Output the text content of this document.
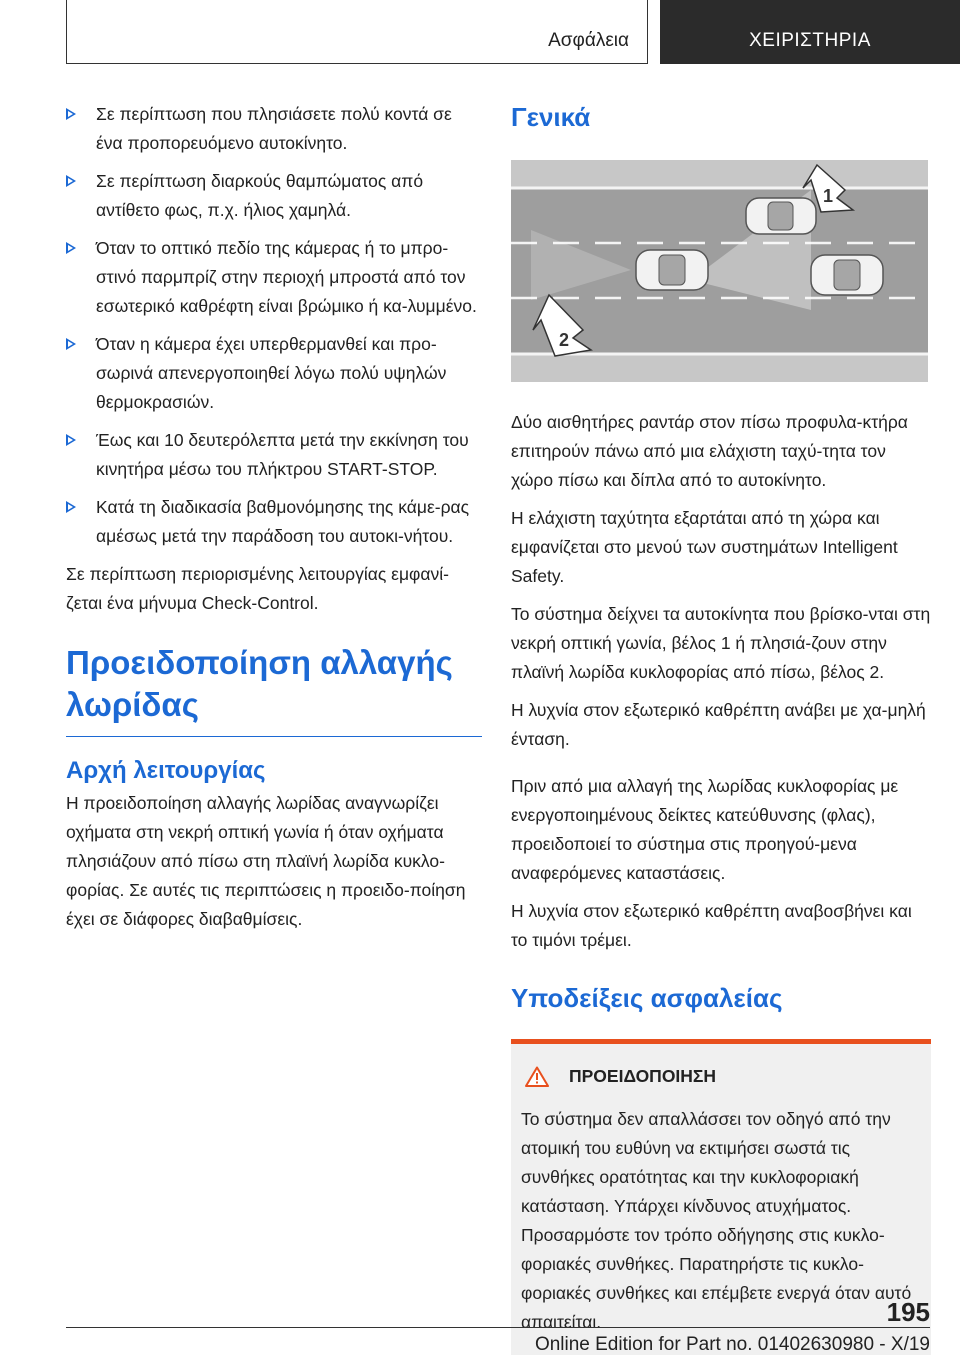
Ασφάλεια	ΧΕΙΡΙΣΤΗΡΙΑ
Σε περίπτωση που πλησιάσετε πολύ κοντά σε ένα προπορευόμενο αυτοκίνητο.
Σε περίπτωση διαρκούς θαμπώματος από αντίθετο φως, π.χ. ήλιος χαμηλά.
Όταν το οπτικό πεδίο της κάμερας ή το μπρο-στινό παρμπρίζ στην περιοχή μπροστά από τον εσωτερικό καθρέφτη είναι βρώμικο ή κα-λυμμένο.
Όταν η κάμερα έχει υπερθερμανθεί και προ-σωρινά απενεργοποιηθεί λόγω πολύ υψηλών θερμοκρασιών.
Έως και 10 δευτερόλεπτα μετά την εκκίνηση του κινητήρα μέσω του πλήκτρου START-STOP.
Κατά τη διαδικασία βαθμονόμησης της κάμε-ρας αμέσως μετά την παράδοση του αυτοκι-νήτου.

Σε περίπτωση περιορισμένης λειτουργίας εμφανί-ζεται ένα μήνυμα Check-Control.

Προειδοποίηση αλλαγής λωρίδας
Αρχή λειτουργίας

Η προειδοποίηση αλλαγής λωρίδας αναγνωρίζει οχήματα στη νεκρή οπτική γωνία ή όταν οχήματα πλησιάζουν από πίσω στη πλαϊνή λωρίδα κυκλο-φορίας. Σε αυτές τις περιπτώσεις η προειδο-ποίηση έχει σε διάφορες διαβαθμίσεις.

Γενικά
1
2

Δύο αισθητήρες ραντάρ στον πίσω προφυλα-κτήρα επιτηρούν πάνω από μια ελάχιστη ταχύ-τητα τον χώρο πίσω και δίπλα από το αυτοκίνητο.

Η ελάχιστη ταχύτητα εξαρτάται από τη χώρα και εμφανίζεται στο μενού των συστημάτων Intelligent Safety.

Το σύστημα δείχνει τα αυτοκίνητα που βρίσκο-νται στη νεκρή οπτική γωνία, βέλος 1 ή πλησιά-ζουν στην πλαϊνή λωρίδα κυκλοφορίας από πίσω, βέλος 2.

Η λυχνία στον εξωτερικό καθρέπτη ανάβει με χα-μηλή ένταση.

Πριν από μια αλλαγή της λωρίδας κυκλοφορίας με ενεργοποιημένους δείκτες κατεύθυνσης (φλας), προειδοποιεί το σύστημα στις προηγού-μενα αναφερόμενες καταστάσεις.

Η λυχνία στον εξωτερικό καθρέπτη αναβοσβήνει και το τιμόνι τρέμει.

Υποδείξεις ασφαλείας
ΠΡΟΕΙΔΟΠΟΙΗΣΗ

Το σύστημα δεν απαλλάσσει τον οδηγό από την ατομική του ευθύνη να εκτιμήσει σωστά τις συνθήκες ορατότητας και την κυκλοφοριακή κατάσταση. Υπάρχει κίνδυνος ατυχήματος. Προσαρμόστε τον τρόπο οδήγησης στις κυκλο-φοριακές συνθήκες. Παρατηρήστε τις κυκλο-φοριακές συνθήκες και επέμβετε ενεργά όταν αυτό απαιτείται.	195
Online Edition for Part no. 01402630980 - X/19
